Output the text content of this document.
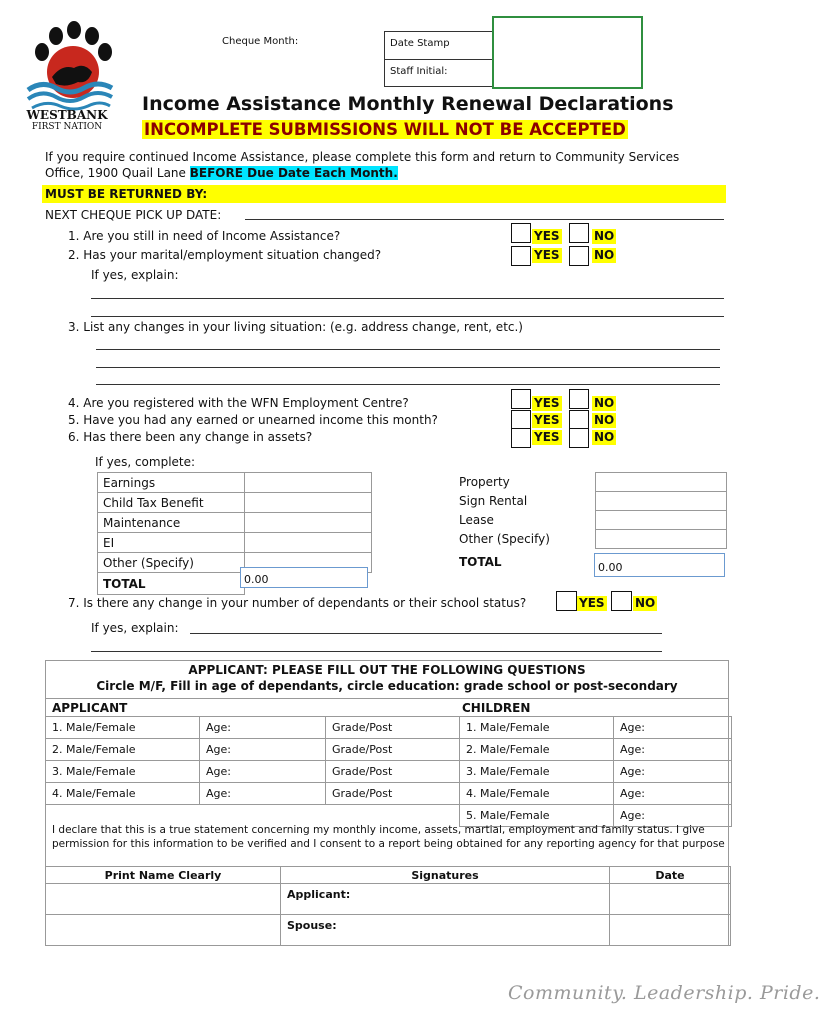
WESTBANK
FIRST NATION
Cheque Month:	Date Stamp
Staff Initial:
Income Assistance Monthly Renewal Declarations
INCOMPLETE SUBMISSIONS WILL NOT BE ACCEPTED
If you require continued Income Assistance, please complete this form and return to Community Services
Office, 1900 Quail Lane BEFORE Due Date Each Month.
MUST BE RETURNED BY:
NEXT CHEQUE PICK UP DATE:
1. Are you still in need of Income Assistance?
2. Has your marital/employment situation changed?
YES	NO
YES	NO
If yes, explain:
3. List any changes in your living situation: (e.g. address change, rent, etc.)
4. Are you registered with the WFN Employment Centre?
5. Have you had any earned or unearned income this month?
6. Has there been any change in assets?
YES	NO
YES	NO
YES	NO
If yes, complete:
Earnings	
Child Tax Benefit	
Maintenance	
EI	
Other (Specify)	
TOTAL		0.00
Property	
Sign Rental	
Lease	
Other (Specify)	
TOTAL		0.00
7. Is there any change in your number of dependants or their school status?	YES	NO
If yes, explain:
APPLICANT: PLEASE FILL OUT THE FOLLOWING QUESTIONS
Circle M/F, Fill in age of dependants, circle education: grade school or post-secondary
APPLICANT	CHILDREN
1. Male/Female	Age:	Grade/Post	1. Male/Female	Age:
2. Male/Female	Age:	Grade/Post	2. Male/Female	Age:
3. Male/Female	Age:	Grade/Post	3. Male/Female	Age:
4. Male/Female	Age:	Grade/Post	4. Male/Female	Age:
			5. Male/Female	Age:
I declare that this is a true statement concerning my monthly income, assets, martial, employment and family status. I give permission for this information to be verified and I consent to a report being obtained for any reporting agency for that purpose
Print Name Clearly	Signatures	Date
	Applicant:	
	Spouse:	
Community. Leadership. Pride.
